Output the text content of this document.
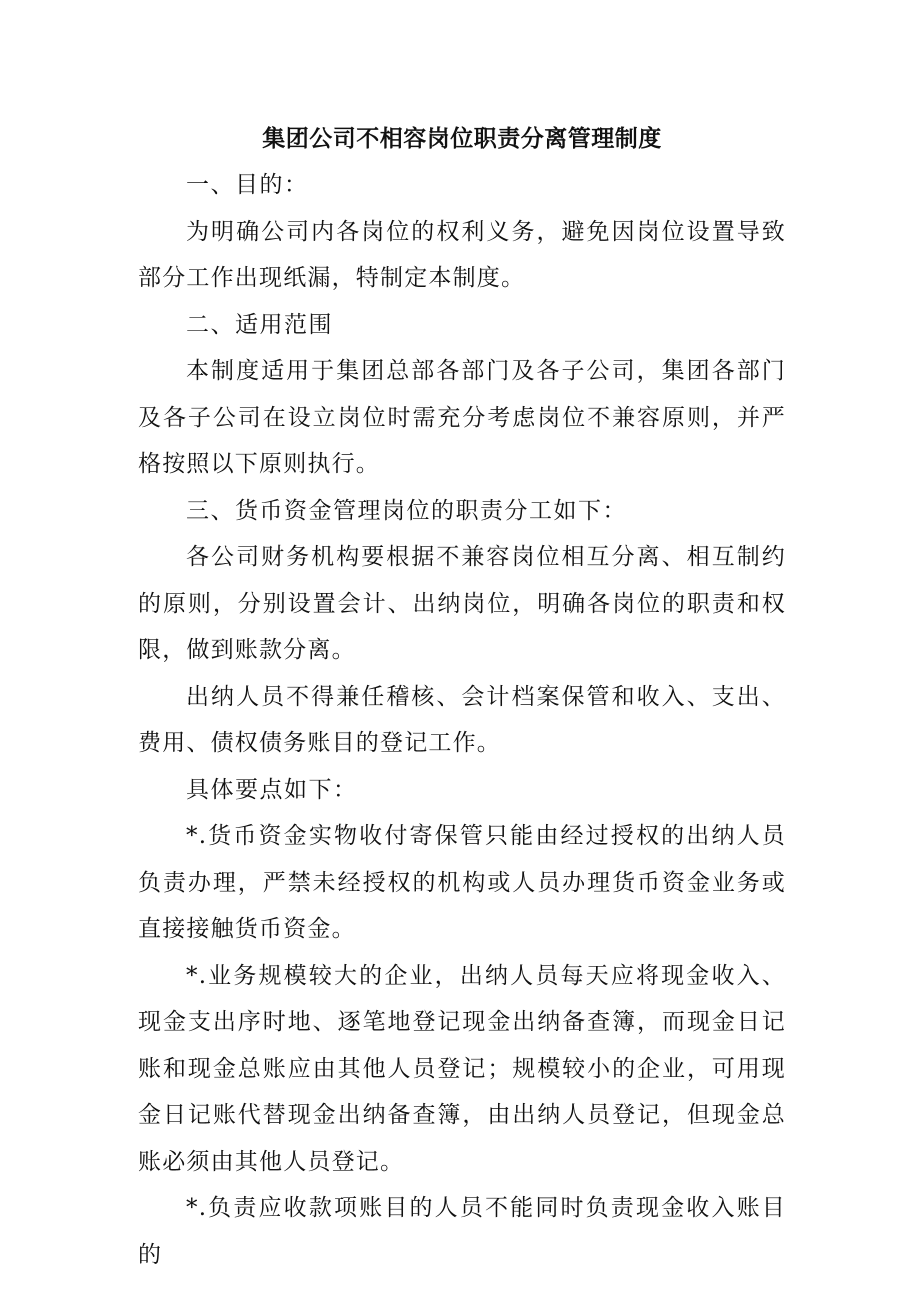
集团公司不相容岗位职责分离管理制度

一、目的：

为明确公司内各岗位的权利义务，避免因岗位设置导致部分工作出现纸漏，特制定本制度。

二、适用范围

本制度适用于集团总部各部门及各子公司，集团各部门及各子公司在设立岗位时需充分考虑岗位不兼容原则，并严格按照以下原则执行。

三、货币资金管理岗位的职责分工如下：

各公司财务机构要根据不兼容岗位相互分离、相互制约的原则，分别设置会计、出纳岗位，明确各岗位的职责和权限，做到账款分离。

出纳人员不得兼任稽核、会计档案保管和收入、支出、费用、债权债务账目的登记工作。

具体要点如下：

*.货币资金实物收付寄保管只能由经过授权的出纳人员负责办理，严禁未经授权的机构或人员办理货币资金业务或直接接触货币资金。

*.业务规模较大的企业，出纳人员每天应将现金收入、现金支出序时地、逐笔地登记现金出纳备查簿，而现金日记账和现金总账应由其他人员登记；规模较小的企业，可用现金日记账代替现金出纳备查簿，由出纳人员登记，但现金总账必须由其他人员登记。

*.负责应收款项账目的人员不能同时负责现金收入账目的
